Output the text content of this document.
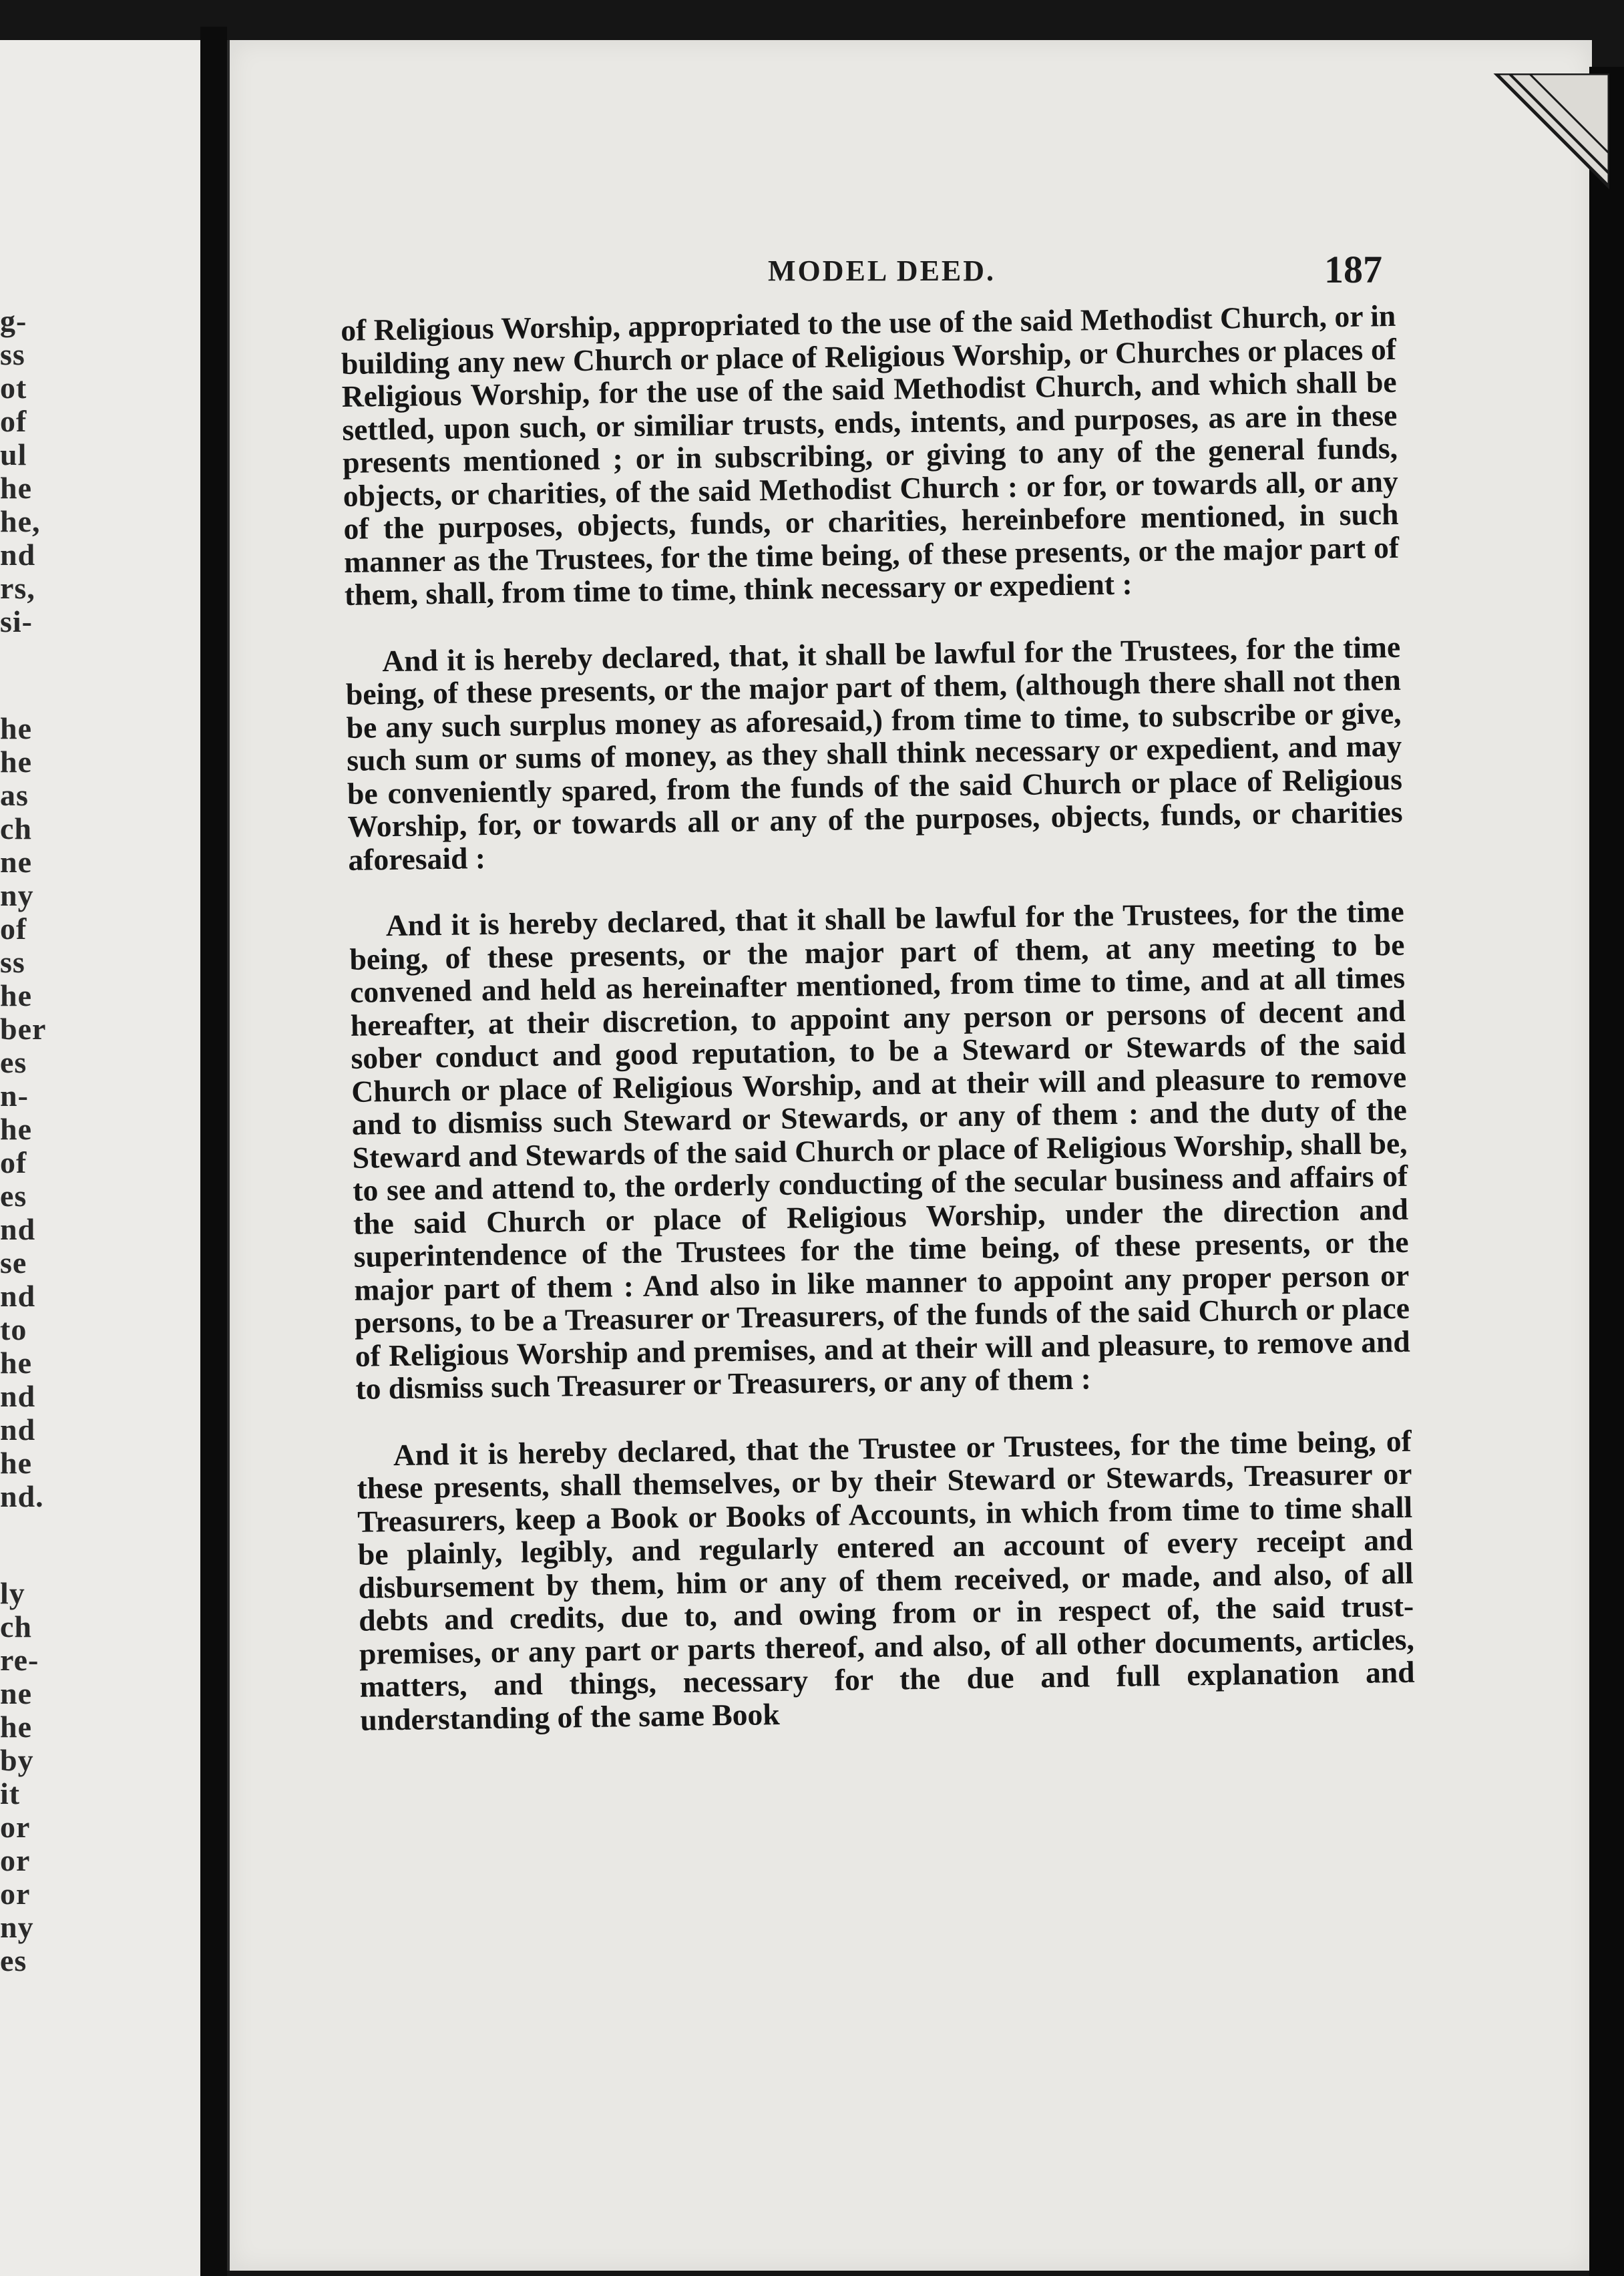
g-
ss
ot
of
ul
he
he,
nd
rs,
si-
he
he
as
ch
ne
ny
of
ss
he
ber
es
n-
he
of
es
nd
se
nd
to
he
nd
nd
he
nd.
ly
ch
re-
ne
he
by
it
or
or
or
ny
es
MODEL DEED.	187

of Religious Worship, appropriated to the use of the said Methodist Church, or in building any new Church or place of Religious Worship, or Churches or places of Religious Worship, for the use of the said Methodist Church, and which shall be settled, upon such, or similiar trusts, ends, intents, and purposes, as are in these presents mentioned ; or in subscribing, or giving to any of the general funds, objects, or charities, of the said Methodist Church : or for, or towards all, or any of the purposes, objects, funds, or charities, hereinbefore mentioned, in such manner as the Trustees, for the time being, of these presents, or the major part of them, shall, from time to time, think necessary or expedient :

And it is hereby declared, that, it shall be lawful for the Trustees, for the time being, of these presents, or the major part of them, (although there shall not then be any such surplus money as aforesaid,) from time to time, to subscribe or give, such sum or sums of money, as they shall think necessary or expedient, and may be conveniently spared, from the funds of the said Church or place of Religious Worship, for, or towards all or any of the purposes, objects, funds, or charities aforesaid :

And it is hereby declared, that it shall be lawful for the Trustees, for the time being, of these presents, or the major part of them, at any meeting to be convened and held as hereinafter mentioned, from time to time, and at all times hereafter, at their discretion, to appoint any person or persons of decent and sober conduct and good reputation, to be a Steward or Stewards of the said Church or place of Religious Worship, and at their will and pleasure to remove and to dismiss such Steward or Stewards, or any of them : and the duty of the Steward and Stewards of the said Church or place of Religious Worship, shall be, to see and attend to, the orderly conducting of the secular business and affairs of the said Church or place of Religious Worship, under the direction and superintendence of the Trustees for the time being, of these presents, or the major part of them : And also in like manner to appoint any proper person or persons, to be a Treasurer or Treasurers, of the funds of the said Church or place of Religious Worship and premises, and at their will and pleasure, to remove and to dismiss such Treasurer or Treasurers, or any of them :

And it is hereby declared, that the Trustee or Trustees, for the time being, of these presents, shall themselves, or by their Steward or Stewards, Treasurer or Treasurers, keep a Book or Books of Accounts, in which from time to time shall be plainly, legibly, and regularly entered an account of every receipt and disbursement by them, him or any of them received, or made, and also, of all debts and credits, due to, and owing from or in respect of, the said trust-premises, or any part or parts thereof, and also, of all other documents, articles, matters, and things, necessary for the due and full explanation and understanding of the same Book
